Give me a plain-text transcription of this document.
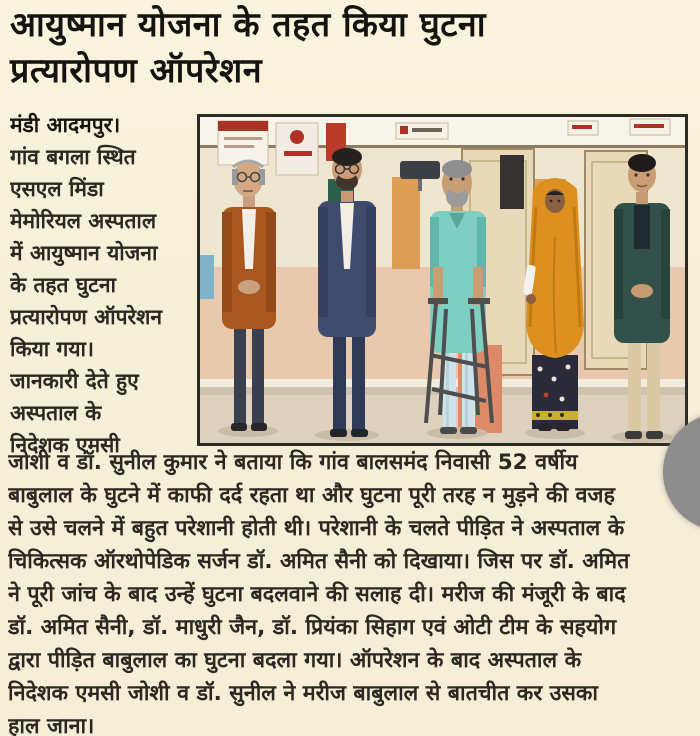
आयुष्मान योजना के तहत किया घुटना
प्रत्यारोपण ऑपरेशन
मंडी आदमपुर।
गांव बगला स्थित
एसएल मिंडा
मेमोरियल अस्पताल
में आयुष्मान योजना
के तहत घुटना
प्रत्यारोपण ऑपरेशन
किया गया।
जानकारी देते हुए
अस्पताल के
निदेशक एमसी
जोशी व डॉ. सुनील कुमार ने बताया कि गांव बालसमंद निवासी 52 वर्षीय
बाबुलाल के घुटने में काफी दर्द रहता था और घुटना पूरी तरह न मुड़ने की वजह
से उसे चलने में बहुत परेशानी होती थी। परेशानी के चलते पीड़ित ने अस्पताल के
चिकित्सक ऑरथोपेडिक सर्जन डॉ. अमित सैनी को दिखाया। जिस पर डॉ. अमित
ने पूरी जांच के बाद उन्हें घुटना बदलवाने की सलाह दी। मरीज की मंजूरी के बाद
डॉ. अमित सैनी, डॉ. माधुरी जैन, डॉ. प्रियंका सिहाग एवं ओटी टीम के सहयोग
द्वारा पीड़ित बाबुलाल का घुटना बदला गया। ऑपरेशन के बाद अस्पताल के
निदेशक एमसी जोशी व डॉ. सुनील ने मरीज बाबुलाल से बातचीत कर उसका
हाल जाना।
